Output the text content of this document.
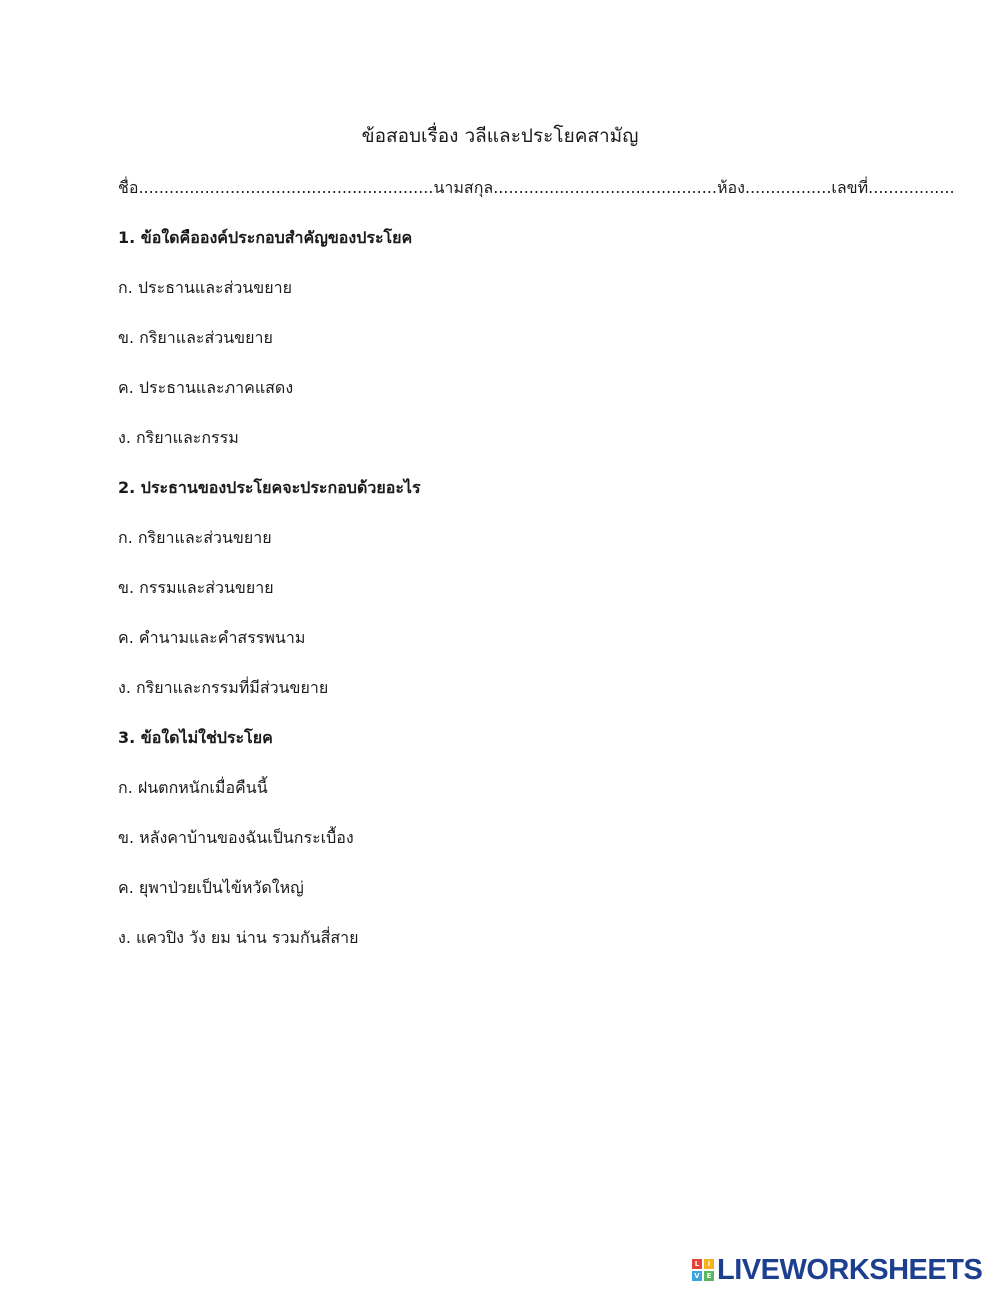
ข้อสอบเรื่อง วลีและประโยคสามัญ
ชื่อ..........................................................นามสกุล............................................ห้อง.................เลขที่.................
1. ข้อใดคือองค์ประกอบสำคัญของประโยค
ก. ประธานและส่วนขยาย
ข. กริยาและส่วนขยาย
ค. ประธานและภาคแสดง
ง. กริยาและกรรม
2. ประธานของประโยคจะประกอบด้วยอะไร
ก. กริยาและส่วนขยาย
ข. กรรมและส่วนขยาย
ค. คำนามและคำสรรพนาม
ง. กริยาและกรรมที่มีส่วนขยาย
3. ข้อใดไม่ใช่ประโยค
ก. ฝนตกหนักเมื่อคืนนี้
ข. หลังคาบ้านของฉันเป็นกระเบื้อง
ค. ยุพาป่วยเป็นไข้หวัดใหญ่
ง. แควปิง วัง ยม น่าน รวมกันสี่สาย
L	I
V E LIVEWORKSHEETS
